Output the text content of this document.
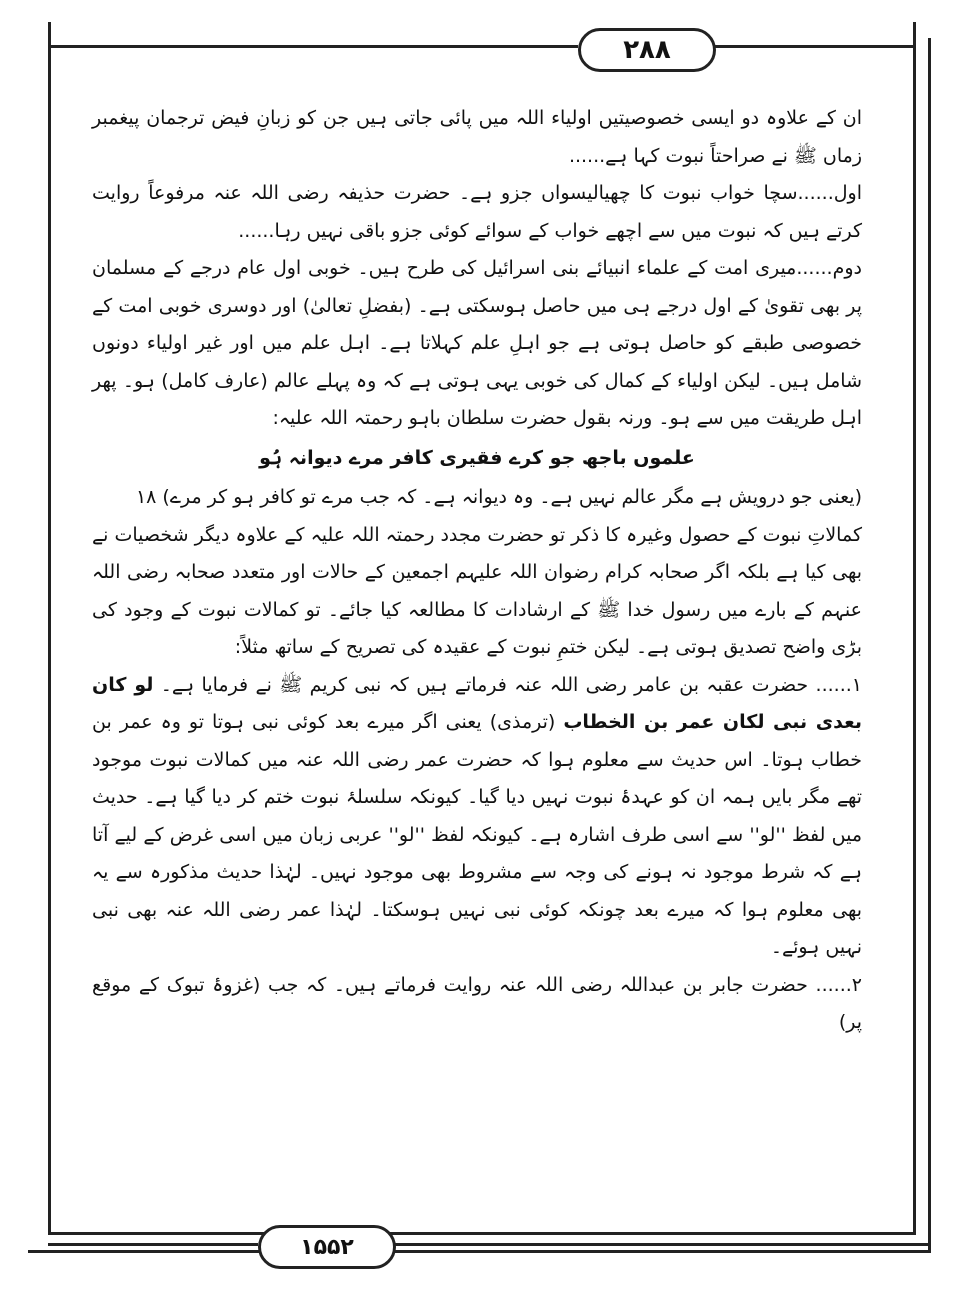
۲۸۸

ان کے علاوہ دو ایسی خصوصیتیں اولیاء اللہ میں پائی جاتی ہیں جن کو زبانِ فیض ترجمان پیغمبر زماں ﷺ نے صراحتاً نبوت کہا ہے......

اول......سچا خواب نبوت کا چھیالیسواں جزو ہے۔ حضرت حذیفہ رضی اللہ عنہ مرفوعاً روایت کرتے ہیں کہ نبوت میں سے اچھے خواب کے سوائے کوئی جزو باقی نہیں رہا......

دوم......میری امت کے علماء انبیائے بنی اسرائیل کی طرح ہیں۔ خوبی اول عام درجے کے مسلمان پر بھی تقویٰ کے اول درجے ہی میں حاصل ہوسکتی ہے۔ (بفضلِ تعالیٰ) اور دوسری خوبی امت کے خصوصی طبقے کو حاصل ہوتی ہے جو اہلِ علم کہلاتا ہے۔ اہل علم میں اور غیر اولیاء دونوں شامل ہیں۔ لیکن اولیاء کے کمال کی خوبی یہی ہوتی ہے کہ وہ پہلے عالم (عارف کامل) ہو۔ پھر اہل طریقت میں سے ہو۔ ورنہ بقول حضرت سلطان باہو رحمتہ اللہ علیہ:

علموں باجھ جو کرے فقیری کافر مرے دیوانہ ہُو

(یعنی جو درویش ہے مگر عالم نہیں ہے۔ وہ دیوانہ ہے۔ کہ جب مرے تو کافر ہو کر مرے) ۱۸

کمالاتِ نبوت کے حصول وغیرہ کا ذکر تو حضرت مجدد رحمتہ اللہ علیہ کے علاوہ دیگر شخصیات نے بھی کیا ہے بلکہ اگر صحابہ کرام رضوان اللہ علیہم اجمعین کے حالات اور متعدد صحابہ رضی اللہ عنہم کے بارے میں رسول خدا ﷺ کے ارشادات کا مطالعہ کیا جائے۔ تو کمالات نبوت کے وجود کی بڑی واضح تصدیق ہوتی ہے۔ لیکن ختمِ نبوت کے عقیدہ کی تصریح کے ساتھ مثلاً:

۱...... حضرت عقبہ بن عامر رضی اللہ عنہ فرماتے ہیں کہ نبی کریم ﷺ نے فرمایا ہے۔ لو کان بعدی نبی لکان عمر بن الخطاب (ترمذی) یعنی اگر میرے بعد کوئی نبی ہوتا تو وہ عمر بن خطاب ہوتا۔ اس حدیث سے معلوم ہوا کہ حضرت عمر رضی اللہ عنہ میں کمالات نبوت موجود تھے مگر بایں ہمہ ان کو عہدۂ نبوت نہیں دیا گیا۔ کیونکہ سلسلۂ نبوت ختم کر دیا گیا ہے۔ حدیث میں لفظ ''لو'' سے اسی طرف اشارہ ہے۔ کیونکہ لفظ ''لو'' عربی زبان میں اسی غرض کے لیے آتا ہے کہ شرط موجود نہ ہونے کی وجہ سے مشروط بھی موجود نہیں۔ لہٰذا حدیث مذکورہ سے یہ بھی معلوم ہوا کہ میرے بعد چونکہ کوئی نبی نہیں ہوسکتا۔ لہٰذا عمر رضی اللہ عنہ بھی نبی نہیں ہوئے۔

۲...... حضرت جابر بن عبداللہ رضی اللہ عنہ روایت فرماتے ہیں۔ کہ جب (غزوۂ تبوک کے موقع پر)

۱۵۵۲
